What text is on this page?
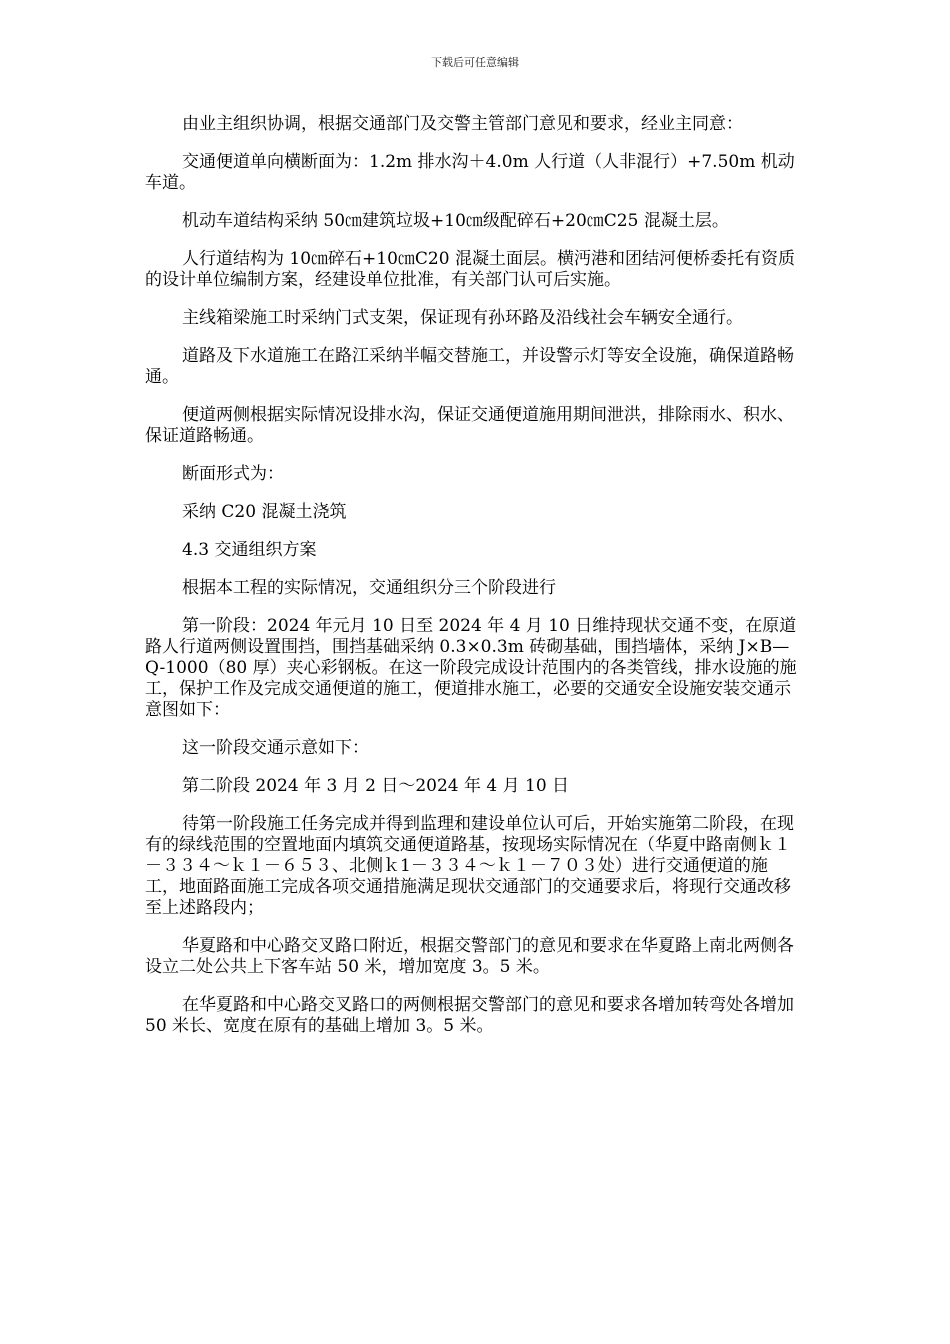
下载后可任意编辑

由业主组织协调，根据交通部门及交警主管部门意见和要求，经业主同意：

交通便道单向横断面为：1.2m 排水沟＋4.0m 人行道（人非混行）+7.50m 机动车道。

机动车道结构采纳 50㎝建筑垃圾+10㎝级配碎石+20㎝C25 混凝土层。

人行道结构为 10㎝碎石+10㎝C20 混凝土面层。横沔港和团结河便桥委托有资质的设计单位编制方案，经建设单位批准，有关部门认可后实施。

主线箱梁施工时采纳门式支架，保证现有孙环路及沿线社会车辆安全通行。

道路及下水道施工在路江采纳半幅交替施工，并设警示灯等安全设施，确保道路畅通。

便道两侧根据实际情况设排水沟，保证交通便道施用期间泄洪，排除雨水、积水、保证道路畅通。

断面形式为：

采纳 C20 混凝土浇筑

4.3 交通组织方案

根据本工程的实际情况，交通组织分三个阶段进行

第一阶段：2024 年元月 10 日至 2024 年 4 月 10 日维持现状交通不变，在原道路人行道两侧设置围挡，围挡基础采纳 0.3×0.3m 砖砌基础，围挡墙体，采纳 J×B—Q-1000（80 厚）夹心彩钢板。在这一阶段完成设计范围内的各类管线，排水设施的施工，保护工作及完成交通便道的施工，便道排水施工，必要的交通安全设施安装交通示意图如下：

这一阶段交通示意如下：

第二阶段 2024 年 3 月 2 日～2024 年 4 月 10 日

待第一阶段施工任务完成并得到监理和建设单位认可后，开始实施第二阶段，在现有的绿线范围的空置地面内填筑交通便道路基，按现场实际情况在（华夏中路南侧ｋ１－３３４～ｋ１－６５３、北侧ｋ1－３３４～ｋ１－７０３处）进行交通便道的施工，地面路面施工完成各项交通措施满足现状交通部门的交通要求后，将现行交通改移至上述路段内；

华夏路和中心路交叉路口附近，根据交警部门的意见和要求在华夏路上南北两侧各设立二处公共上下客车站 50 米，增加宽度 3。5 米。

在华夏路和中心路交叉路口的两侧根据交警部门的意见和要求各增加转弯处各增加 50 米长、宽度在原有的基础上增加 3。5 米。
